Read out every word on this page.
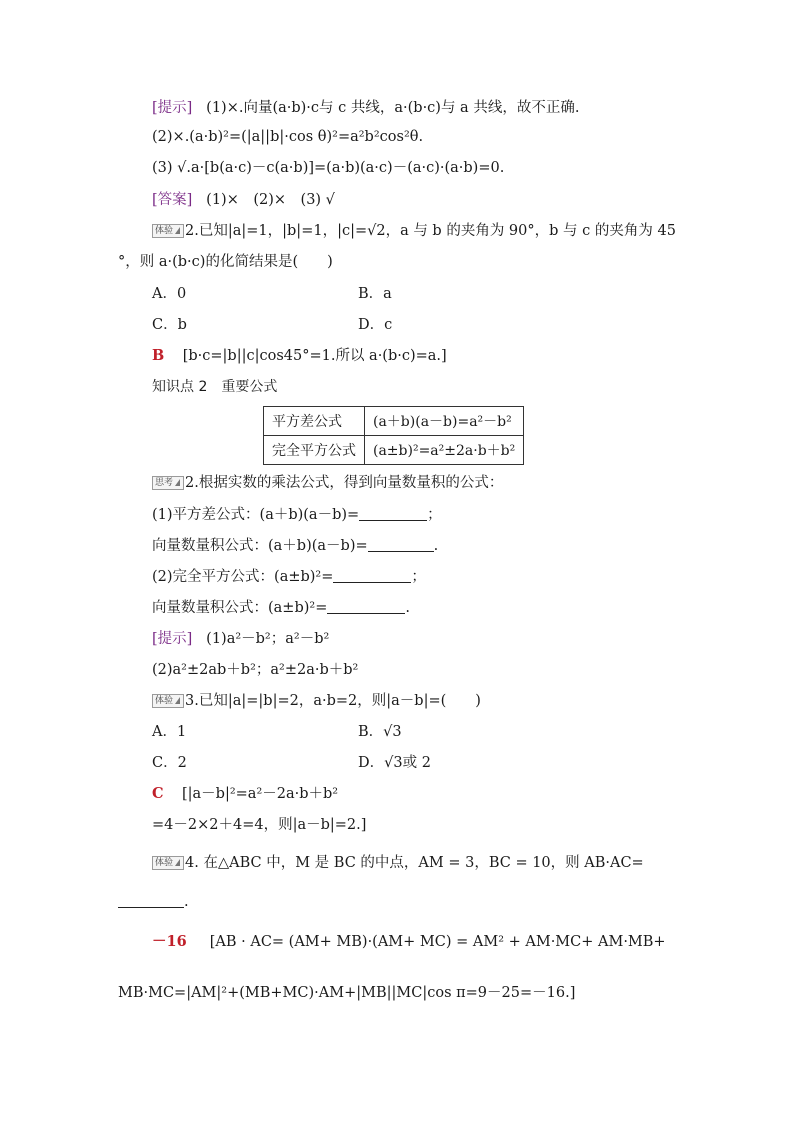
[提示] (1)×.向量(a·b)·c与 c 共线，a·(b·c)与 a 共线，故不正确.
(2)×.(a·b)²=(|a||b|·cos θ)²=a²b²cos²θ.
(3) √.a·[b(a·c)－c(a·b)]=(a·b)(a·c)－(a·c)·(a·b)=0.
[答案] (1)×　(2)×　(3) √
体验 2.已知|a|=1，|b|=1，|c|=√2，a 与 b 的夹角为 90°，b 与 c 的夹角为 45
°，则 a·(b·c)的化简结果是(　　)
A．0	B．a
C．b	D．c
B [b·c=|b||c|cos45°=1.所以 a·(b·c)=a.]
知识点 2　重要公式
平方差公式	(a＋b)(a－b)=a²－b²
完全平方公式	(a±b)²=a²±2a·b＋b²
思考 2.根据实数的乘法公式，得到向量数量积的公式：
(1)平方差公式：(a＋b)(a－b)=	；
向量数量积公式：(a＋b)(a－b)=	.
(2)完全平方公式：(a±b)²=	；
向量数量积公式：(a±b)²=	.
[提示] (1)a²－b²；a²－b²
(2)a²±2ab＋b²；a²±2a·b＋b²
体验 3.已知|a|=|b|=2，a·b=2，则|a－b|=(　　)
A．1	B．√3
C．2	D．√3或 2
C [|a－b|²=a²－2a·b＋b²
=4－2×2＋4=4，则|a－b|=2.]
体验 4. 在△ABC 中，M 是 BC 的中点，AM = 3，BC = 10，则 AB·AC=
.
－16 [AB · AC= (AM+ MB)·(AM+ MC) = AM² + AM·MC+ AM·MB+
MB·MC=|AM|²+(MB+MC)·AM+|MB||MC|cos π=9－25=－16.]
